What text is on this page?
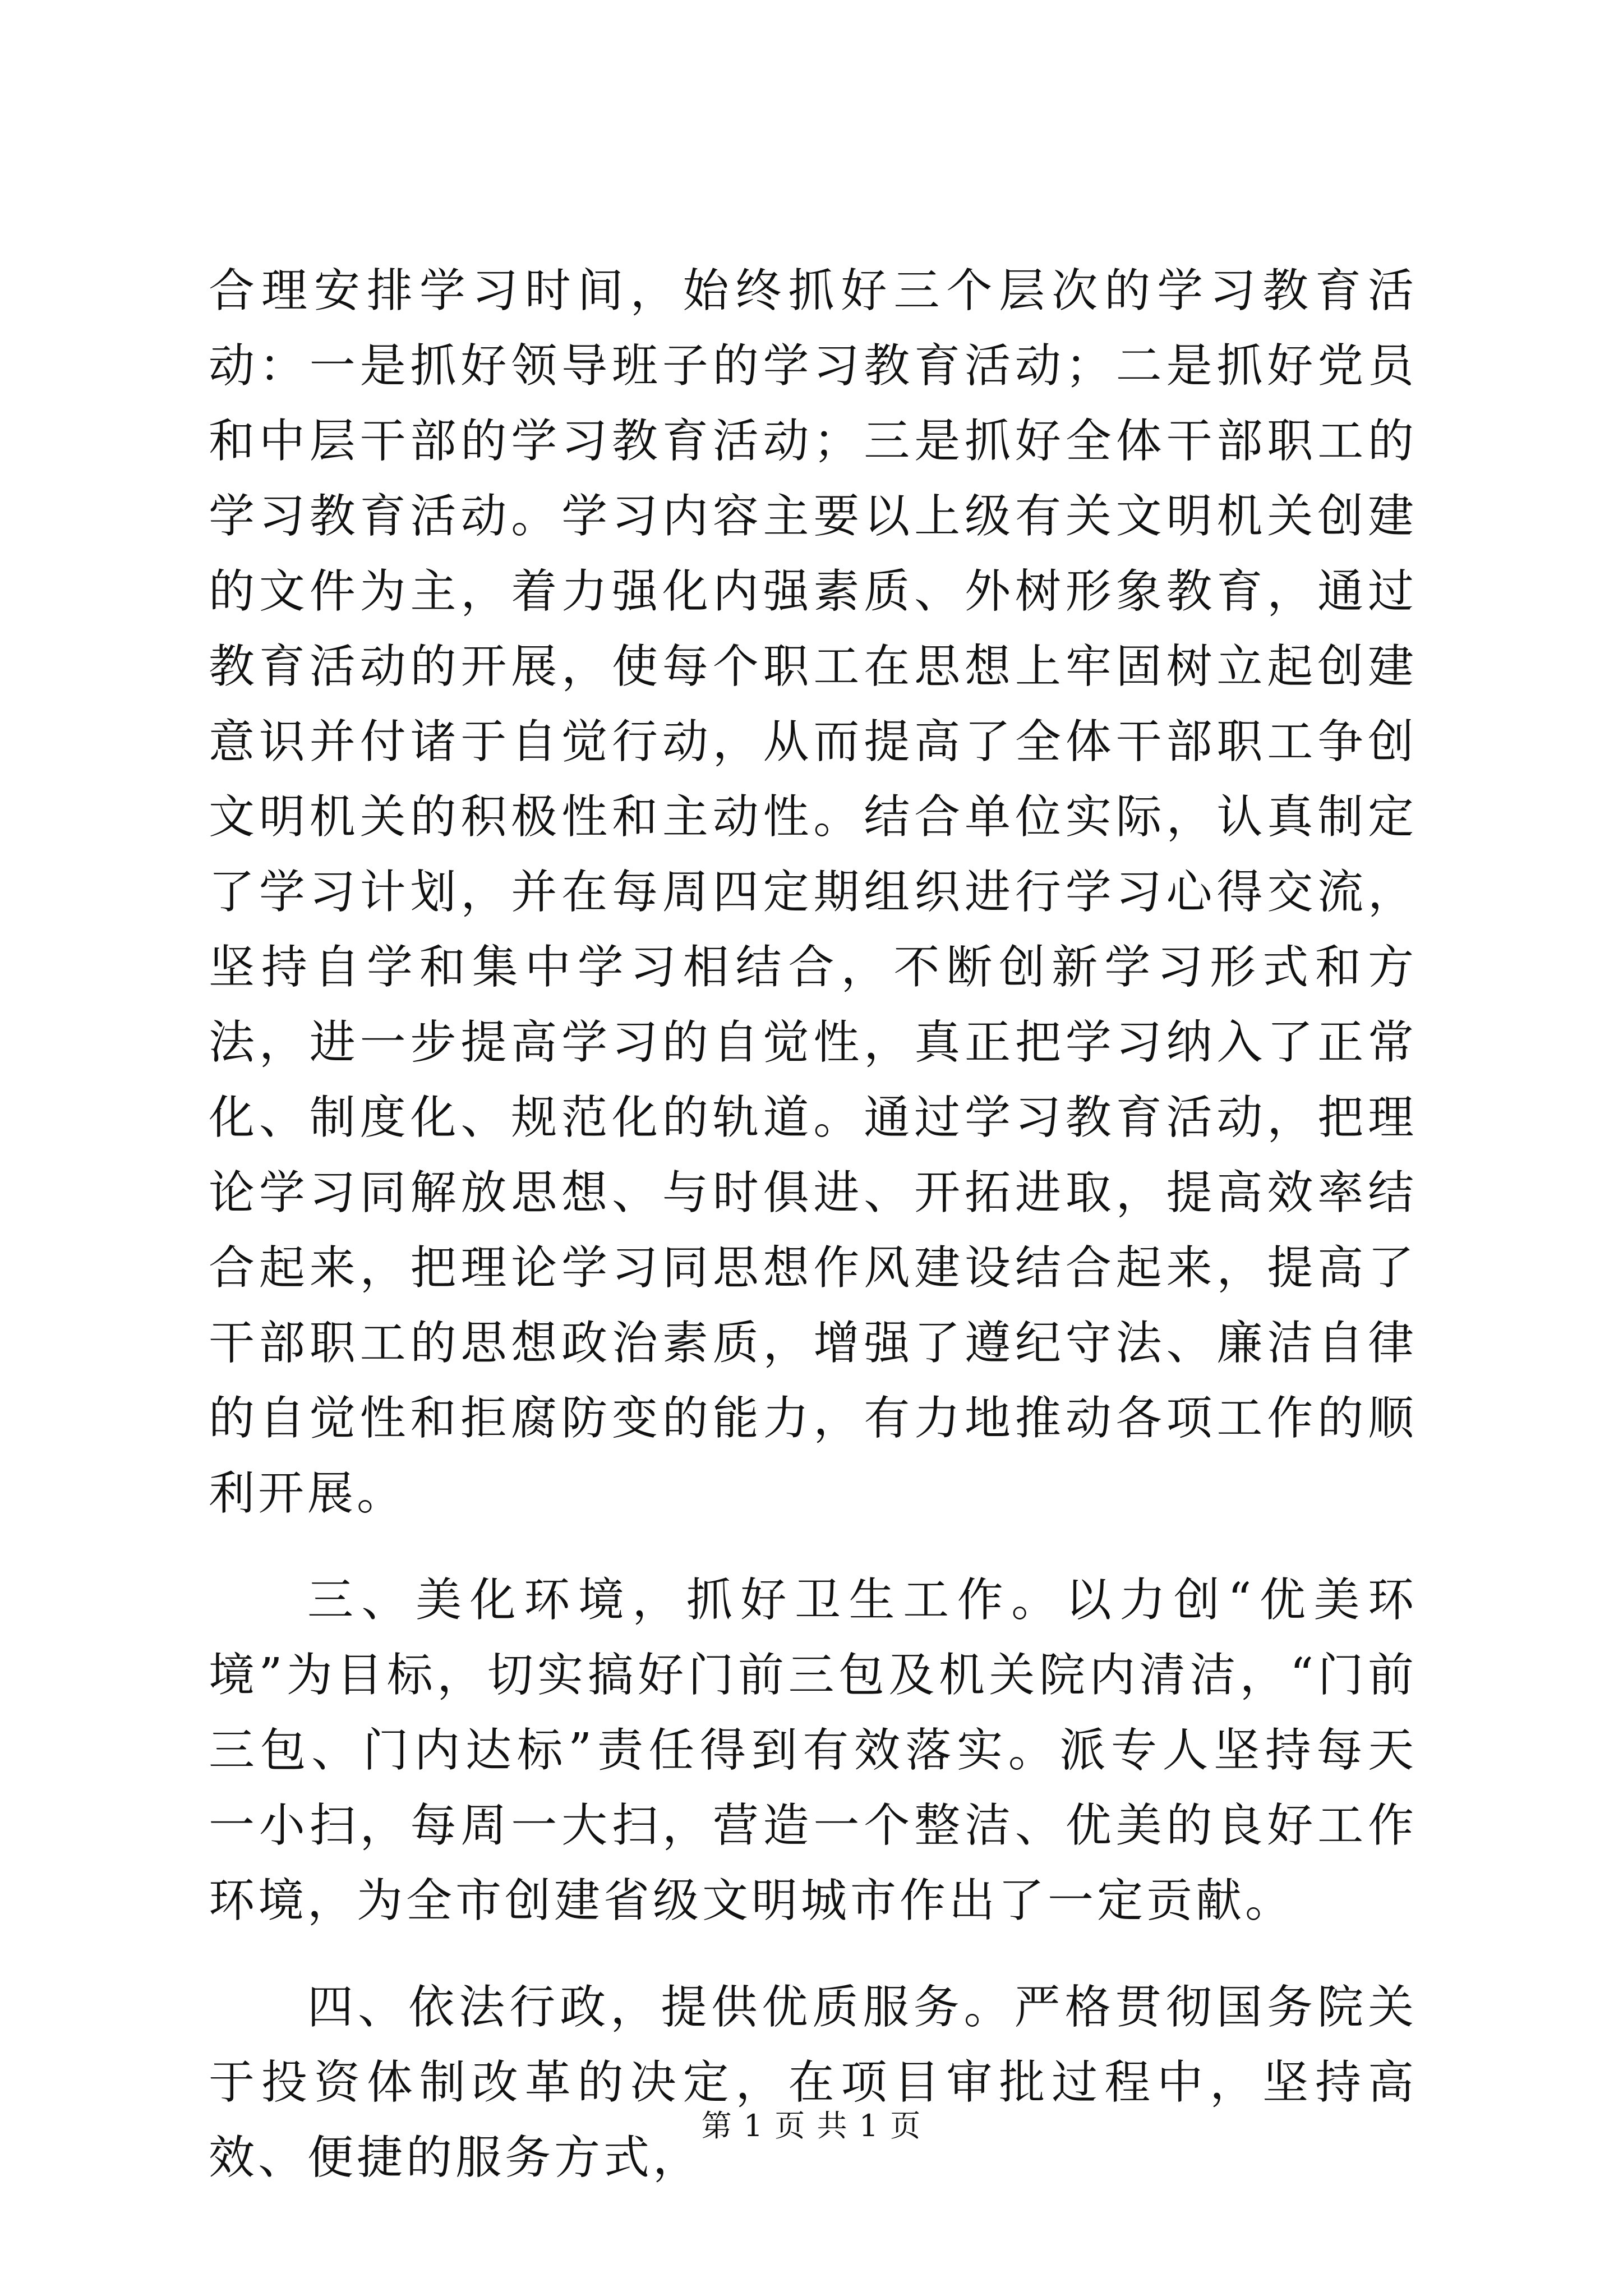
合理安排学习时间，始终抓好三个层次的学习教育活动：一是抓好领导班子的学习教育活动；二是抓好党员和中层干部的学习教育活动；三是抓好全体干部职工的学习教育活动。学习内容主要以上级有关文明机关创建的文件为主，着力强化内强素质、外树形象教育，通过教育活动的开展，使每个职工在思想上牢固树立起创建意识并付诸于自觉行动，从而提高了全体干部职工争创文明机关的积极性和主动性。结合单位实际，认真制定了学习计划，并在每周四定期组织进行学习心得交流，坚持自学和集中学习相结合，不断创新学习形式和方法，进一步提高学习的自觉性，真正把学习纳入了正常化、制度化、规范化的轨道。通过学习教育活动，把理论学习同解放思想、与时俱进、开拓进取，提高效率结合起来，把理论学习同思想作风建设结合起来，提高了干部职工的思想政治素质，增强了遵纪守法、廉洁自律的自觉性和拒腐防变的能力，有力地推动各项工作的顺利开展。

三、美化环境，抓好卫生工作。以力创“优美环境”为目标，切实搞好门前三包及机关院内清洁，“门前三包、门内达标”责任得到有效落实。派专人坚持每天一小扫，每周一大扫，营造一个整洁、优美的良好工作环境，为全市创建省级文明城市作出了一定贡献。

四、依法行政，提供优质服务。严格贯彻国务院关于投资体制改革的决定，在项目审批过程中，坚持高效、便捷的服务方式，

第 1 页 共 1 页
